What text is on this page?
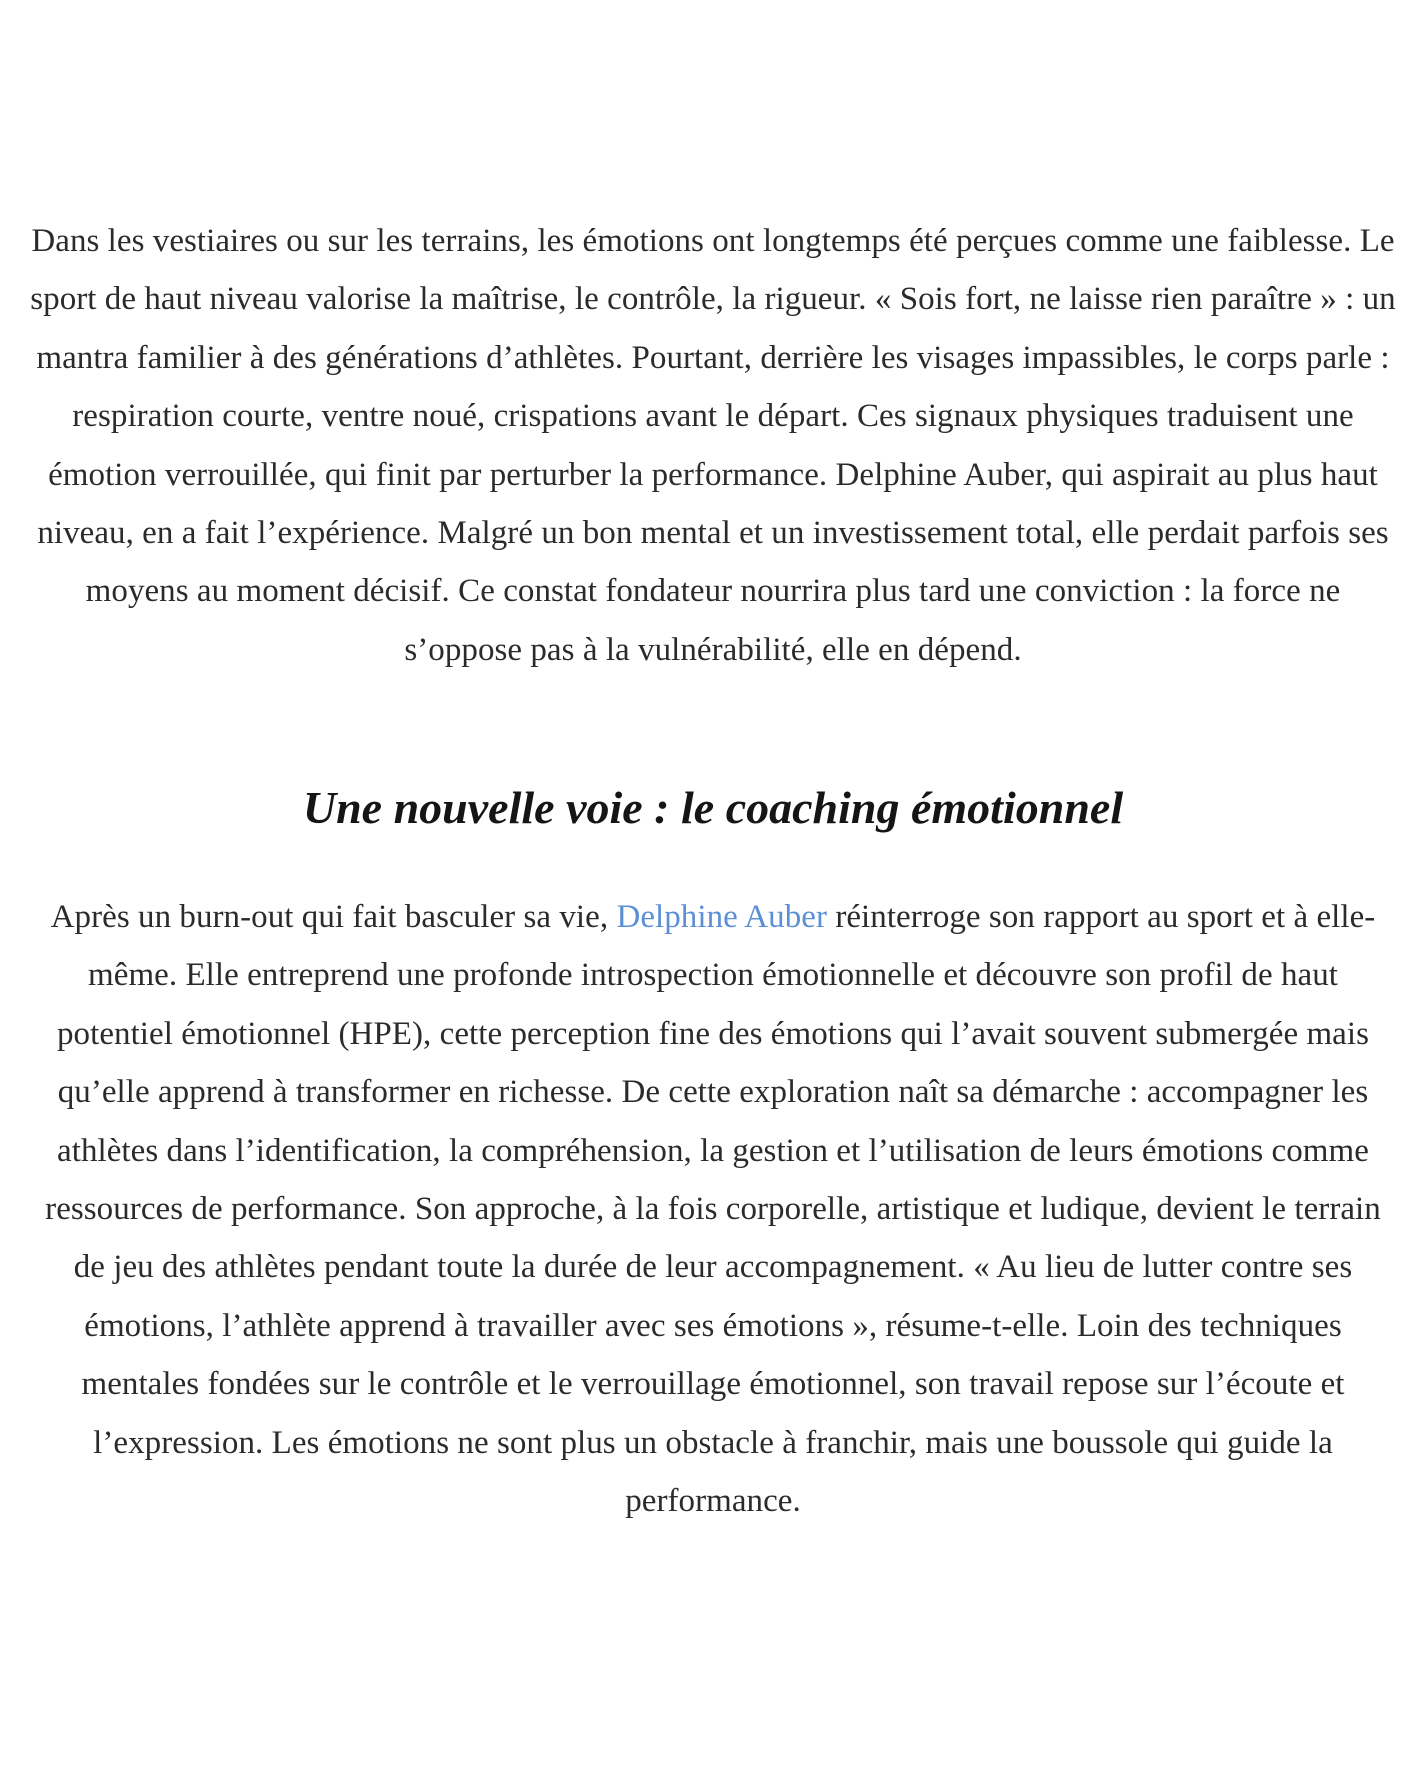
Dans les vestiaires ou sur les terrains, les émotions ont longtemps été perçues comme une faiblesse. Le sport de haut niveau valorise la maîtrise, le contrôle, la rigueur. « Sois fort, ne laisse rien paraître » : un mantra familier à des générations d’athlètes. Pourtant, derrière les visages impassibles, le corps parle : respiration courte, ventre noué, crispations avant le départ. Ces signaux physiques traduisent une émotion verrouillée, qui finit par perturber la performance. Delphine Auber, qui aspirait au plus haut niveau, en a fait l’expérience. Malgré un bon mental et un investissement total, elle perdait parfois ses moyens au moment décisif. Ce constat fondateur nourrira plus tard une conviction : la force ne s’oppose pas à la vulnérabilité, elle en dépend.

Une nouvelle voie : le coaching émotionnel

Après un burn-out qui fait basculer sa vie, Delphine Auber réinterroge son rapport au sport et à elle-même. Elle entreprend une profonde introspection émotionnelle et découvre son profil de haut potentiel émotionnel (HPE), cette perception fine des émotions qui l’avait souvent submergée mais qu’elle apprend à transformer en richesse. De cette exploration naît sa démarche : accompagner les athlètes dans l’identification, la compréhension, la gestion et l’utilisation de leurs émotions comme ressources de performance. Son approche, à la fois corporelle, artistique et ludique, devient le terrain de jeu des athlètes pendant toute la durée de leur accompagnement. « Au lieu de lutter contre ses émotions, l’athlète apprend à travailler avec ses émotions », résume-t-elle. Loin des techniques mentales fondées sur le contrôle et le verrouillage émotionnel, son travail repose sur l’écoute et l’expression. Les émotions ne sont plus un obstacle à franchir, mais une boussole qui guide la performance.
